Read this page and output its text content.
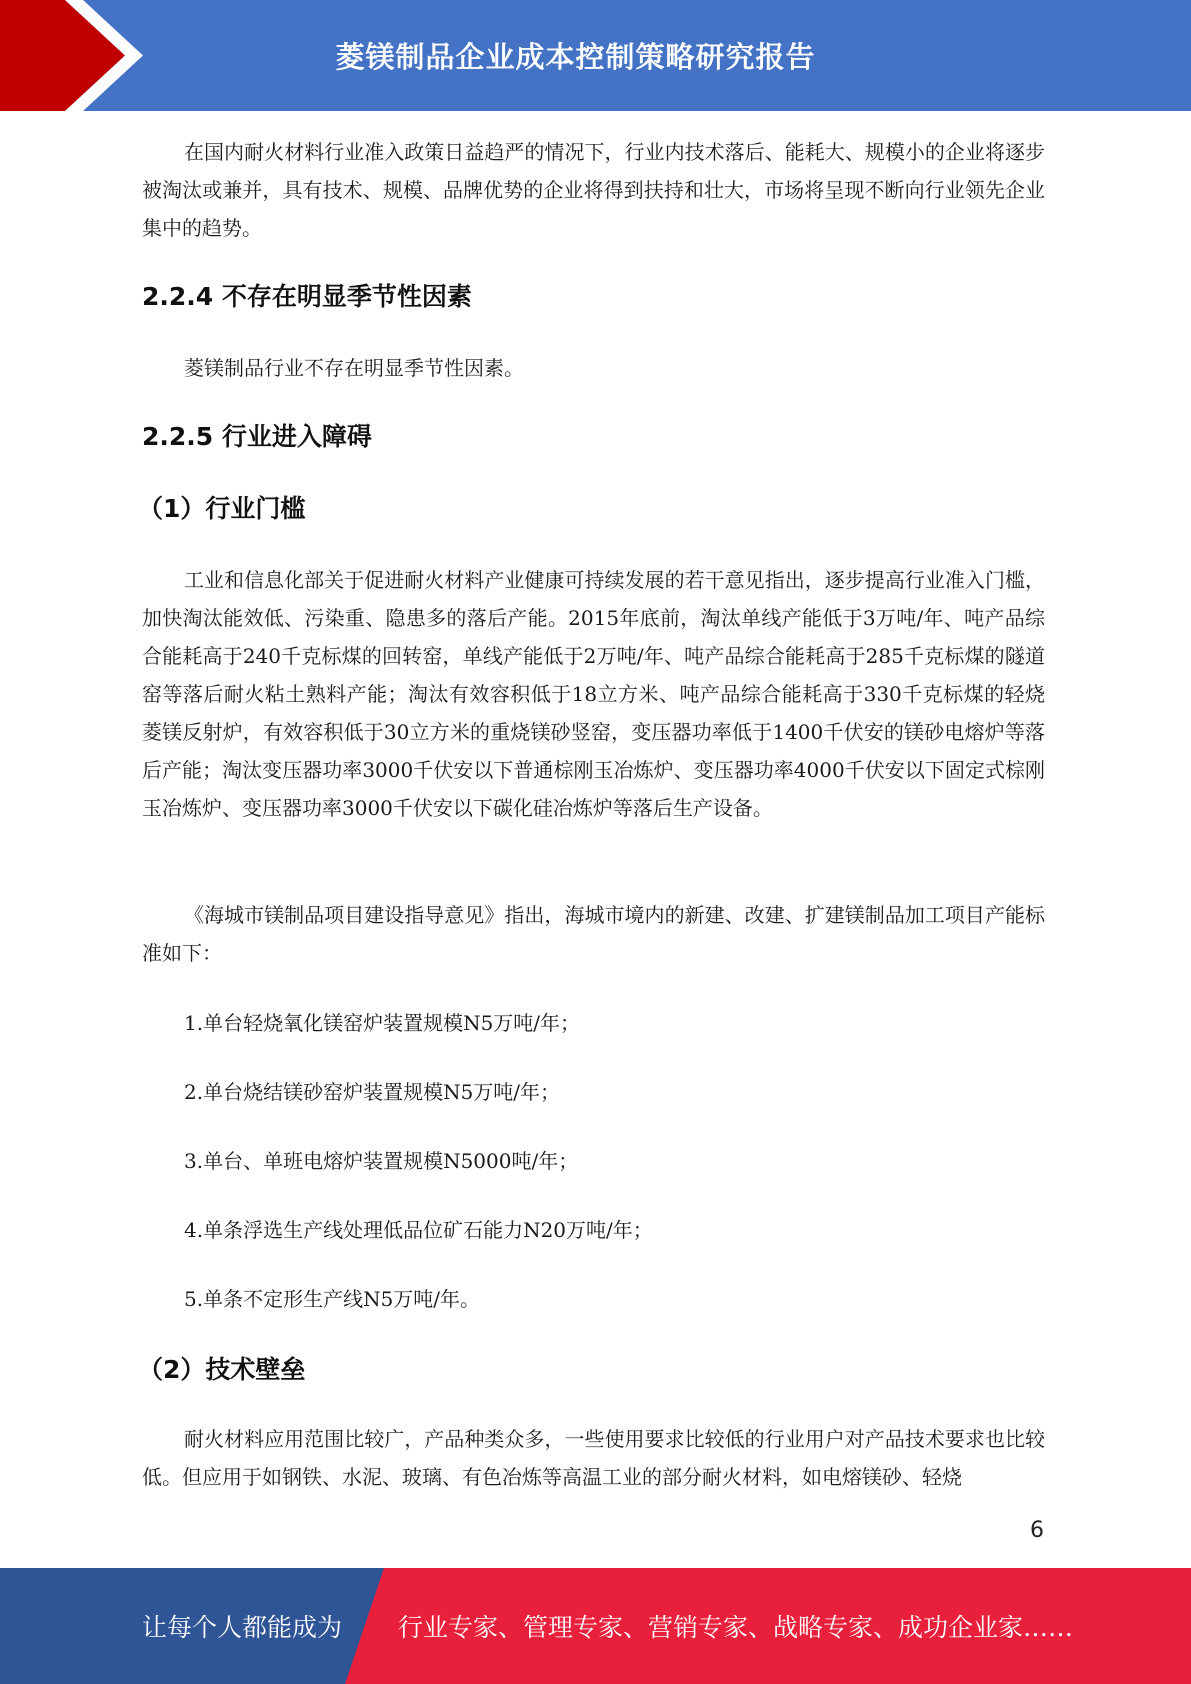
菱镁制品企业成本控制策略研究报告

在国内耐火材料行业准入政策日益趋严的情况下，行业内技术落后、能耗大、规模小的企业将逐步被淘汰或兼并，具有技术、规模、品牌优势的企业将得到扶持和壮大，市场将呈现不断向行业领先企业集中的趋势。

2.2.4 不存在明显季节性因素

菱镁制品行业不存在明显季节性因素。

2.2.5 行业进入障碍
（1）行业门槛

工业和信息化部关于促进耐火材料产业健康可持续发展的若干意见指出，逐步提高行业准入门槛，加快淘汰能效低、污染重、隐患多的落后产能。2015年底前，淘汰单线产能低于3万吨/年、吨产品综合能耗高于240千克标煤的回转窑，单线产能低于2万吨/年、吨产品综合能耗高于285千克标煤的隧道窑等落后耐火粘土熟料产能；淘汰有效容积低于18立方米、吨产品综合能耗高于330千克标煤的轻烧菱镁反射炉，有效容积低于30立方米的重烧镁砂竖窑，变压器功率低于1400千伏安的镁砂电熔炉等落后产能；淘汰变压器功率3000千伏安以下普通棕刚玉冶炼炉、变压器功率4000千伏安以下固定式棕刚玉冶炼炉、变压器功率3000千伏安以下碳化硅冶炼炉等落后生产设备。

《海城市镁制品项目建设指导意见》指出，海城市境内的新建、改建、扩建镁制品加工项目产能标准如下：

1.单台轻烧氧化镁窑炉装置规模N5万吨/年；

2.单台烧结镁砂窑炉装置规模N5万吨/年；

3.单台、单班电熔炉装置规模N5000吨/年；

4.单条浮选生产线处理低品位矿石能力N20万吨/年；

5.单条不定形生产线N5万吨/年。

（2）技术壁垒

耐火材料应用范围比较广，产品种类众多，一些使用要求比较低的行业用户对产品技术要求也比较低。但应用于如钢铁、水泥、玻璃、有色冶炼等高温工业的部分耐火材料，如电熔镁砂、轻烧

6
让每个人都能成为 行业专家、管理专家、营销专家、战略专家、成功企业家……
